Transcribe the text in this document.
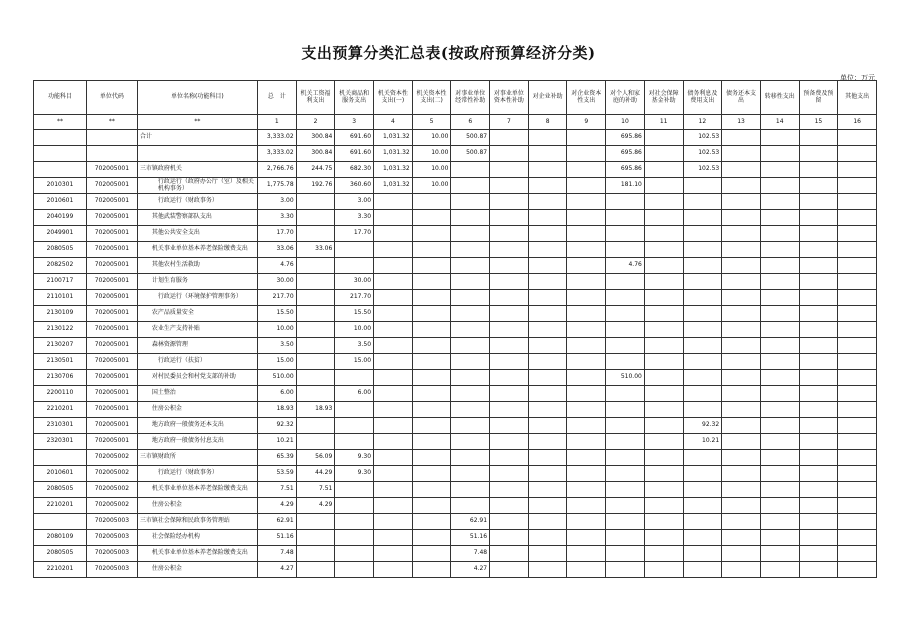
支出预算分类汇总表(按政府预算经济分类)
单位：万元
功能科目	单位代码	单位名称(功能科目)	总　计	机关工资福利支出	机关商品和服务支出	机关资本性支出(一)	机关资本性支出(二)	对事业单位经常性补助	对事业单位资本性补助	对企业补助	对企业资本性支出	对个人和家庭的补助	对社会保障基金补助	债务利息及费用支出	债务还本支出	转移性支出	预备费及预留	其他支出
**	**	**	1	2	3	4	5	6	7	8	9	10	11	12	13	14	15	16
		合计	3,333.02	300.84	691.60	1,031.32	10.00	500.87				695.86		102.53				
			3,333.02	300.84	691.60	1,031.32	10.00	500.87				695.86		102.53				
	702005001	三市镇政府机关	2,766.76	244.75	682.30	1,031.32	10.00					695.86		102.53				
2010301	702005001	行政运行（政府办公厅（室）及相关机构事务）	1,775.78	192.76	360.60	1,031.32	10.00					181.10						
2010601	702005001	行政运行（财政事务）	3.00		3.00													
2040199	702005001	其他武装警察部队支出	3.30		3.30													
2049901	702005001	其他公共安全支出	17.70		17.70													
2080505	702005001	机关事业单位基本养老保险缴费支出	33.06	33.06														
2082502	702005001	其他农村生活救助	4.76									4.76						
2100717	702005001	计划生育服务	30.00		30.00													
2110101	702005001	行政运行（环境保护管理事务）	217.70		217.70													
2130109	702005001	农产品质量安全	15.50		15.50													
2130122	702005001	农业生产支持补贴	10.00		10.00													
2130207	702005001	森林资源管理	3.50		3.50													
2130501	702005001	行政运行（扶贫）	15.00		15.00													
2130706	702005001	对村民委员会和村党支部的补助	510.00									510.00						
2200110	702005001	国土整治	6.00		6.00													
2210201	702005001	住房公积金	18.93	18.93														
2310301	702005001	地方政府一般债务还本支出	92.32											92.32				
2320301	702005001	地方政府一般债务付息支出	10.21											10.21				
	702005002	三市镇财政所	65.39	56.09	9.30													
2010601	702005002	行政运行（财政事务）	53.59	44.29	9.30													
2080505	702005002	机关事业单位基本养老保险缴费支出	7.51	7.51														
2210201	702005002	住房公积金	4.29	4.29														
	702005003	三市镇社会保障和民政事务管理站	62.91					62.91										
2080109	702005003	社会保险经办机构	51.16					51.16										
2080505	702005003	机关事业单位基本养老保险缴费支出	7.48					7.48										
2210201	702005003	住房公积金	4.27					4.27										
